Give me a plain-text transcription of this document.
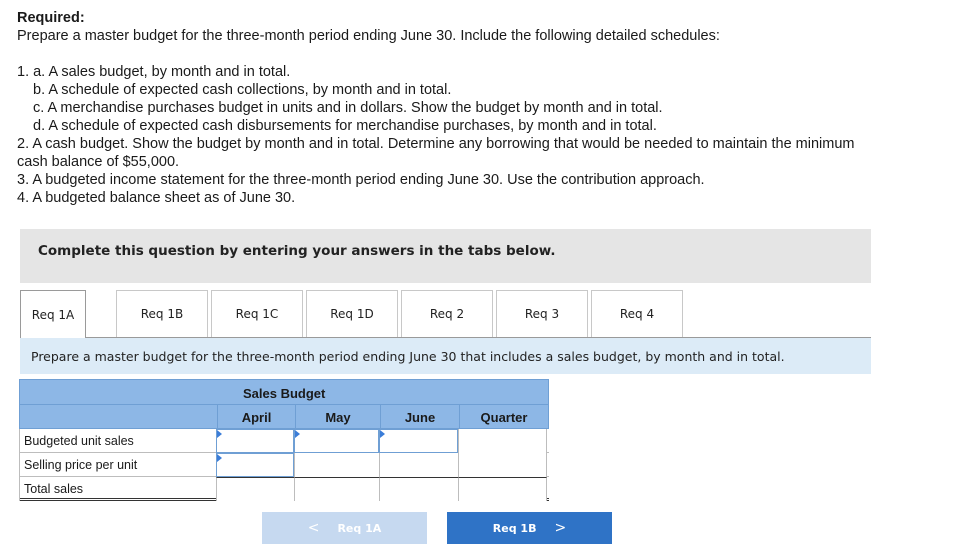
Required:
Prepare a master budget for the three-month period ending June 30. Include the following detailed schedules:
1. a. A sales budget, by month and in total.
b. A schedule of expected cash collections, by month and in total.
c. A merchandise purchases budget in units and in dollars. Show the budget by month and in total.
d. A schedule of expected cash disbursements for merchandise purchases, by month and in total.
2. A cash budget. Show the budget by month and in total. Determine any borrowing that would be needed to maintain the minimum
cash balance of $55,000.
3. A budgeted income statement for the three-month period ending June 30. Use the contribution approach.
4. A budgeted balance sheet as of June 30.
Complete this question by entering your answers in the tabs below.
Req 1A	Req 1B	Req 1C	Req 1D	Req 2	Req 3	Req 4
Prepare a master budget for the three-month period ending June 30 that includes a sales budget, by month and in total.
Sales Budget
April	May	June	Quarter
Budgeted unit sales
Selling price per unit
Total sales
< Req 1A	Req 1B >
